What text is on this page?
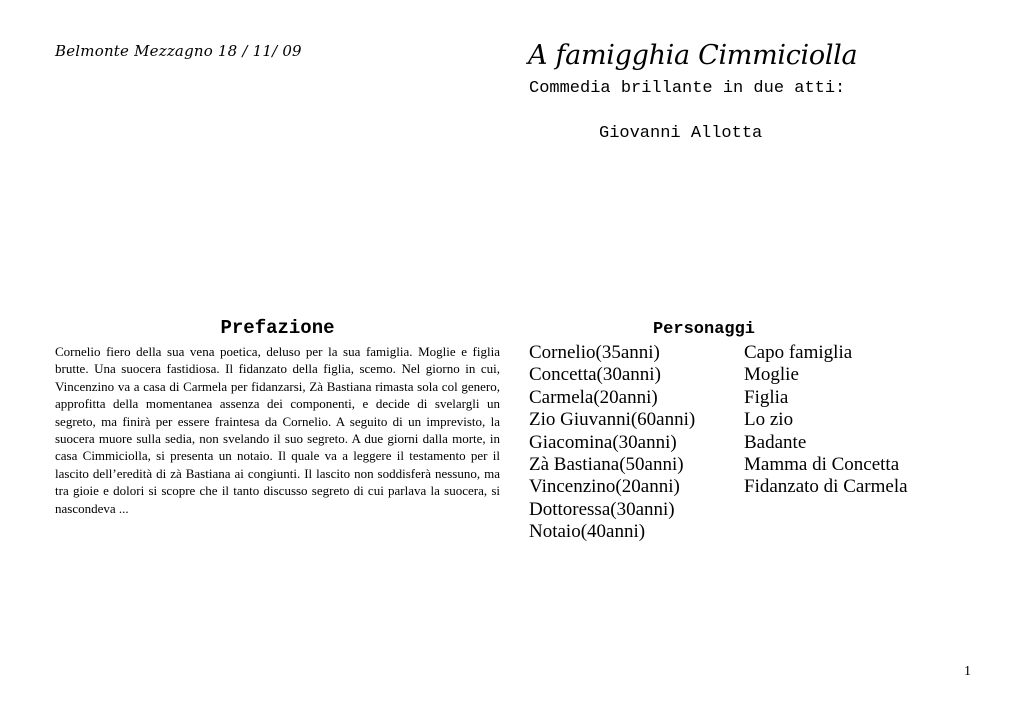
Belmonte Mezzagno 18 / 11/ 09	A famigghia Cimmiciolla
Commedia brillante in due atti:
Giovanni Allotta
Prefazione
Cornelio fiero della sua vena poetica, deluso per la sua famiglia. Moglie e figlia brutte. Una suocera fastidiosa. Il fidanzato della figlia, scemo. Nel giorno in cui, Vincenzino va a casa di Carmela per fidanzarsi, Zà Bastiana rimasta sola col genero, approfitta della momentanea assenza dei componenti, e decide di svelargli un segreto, ma finirà per essere fraintesa da Cornelio. A seguito di un imprevisto, la suocera muore sulla sedia, non svelando il suo segreto. A due giorni dalla morte, in casa Cimmiciolla, si presenta un notaio. Il quale va a leggere il testamento per il lascito dell’eredità di zà Bastiana ai congiunti. Il lascito non soddisferà nessuno, ma tra gioie e dolori si scopre che il tanto discusso segreto di cui parlava la suocera, si nascondeva ...
Personaggi
Cornelio(35anni)
Concetta(30anni)
Carmela(20anni)
Zio Giuvanni(60anni)
Giacomina(30anni)
Zà Bastiana(50anni)
Vincenzino(20anni)
Dottoressa(30anni)
Notaio(40anni)
Capo famiglia
Moglie
Figlia
Lo zio
Badante
Mamma di Concetta
Fidanzato di Carmela
1
